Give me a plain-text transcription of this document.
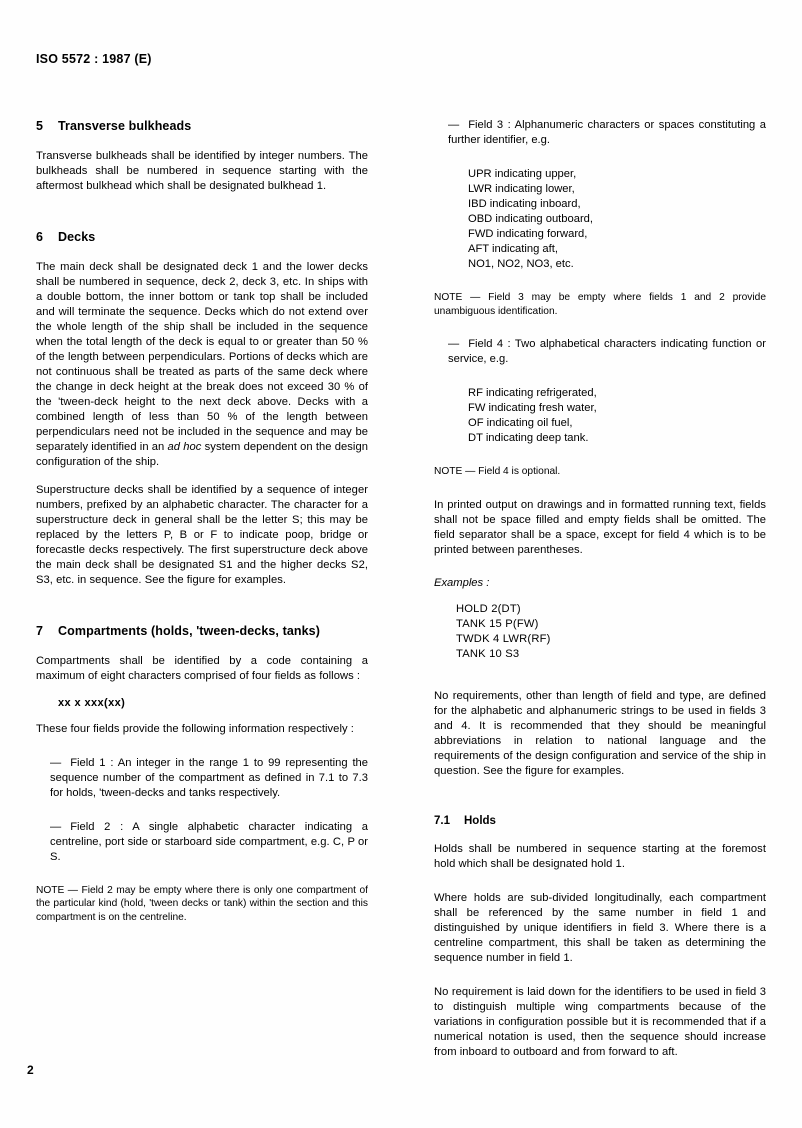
ISO 5572 : 1987 (E)
5 Transverse bulkheads

Transverse bulkheads shall be identified by integer numbers. The bulkheads shall be numbered in sequence starting with the aftermost bulkhead which shall be designated bulkhead 1.

6 Decks

The main deck shall be designated deck 1 and the lower decks shall be numbered in sequence, deck 2, deck 3, etc. In ships with a double bottom, the inner bottom or tank top shall be included and will terminate the sequence. Decks which do not extend over the whole length of the ship shall be included in the sequence when the total length of the deck is equal to or greater than 50 % of the length between perpendiculars. Portions of decks which are not continuous shall be treated as parts of the same deck where the change in deck height at the break does not exceed 30 % of the 'tween-deck height to the next deck above. Decks with a combined length of less than 50 % of the length between perpendiculars need not be included in the sequence and may be separately identified in an ad hoc system dependent on the design configuration of the ship.

Superstructure decks shall be identified by a sequence of integer numbers, prefixed by an alphabetic character. The character for a superstructure deck in general shall be the letter S; this may be replaced by the letters P, B or F to indicate poop, bridge or forecastle decks respectively. The first superstructure deck above the main deck shall be designated S1 and the higher decks S2, S3, etc. in sequence. See the figure for examples.

7 Compartments (holds, 'tween-decks, tanks)

Compartments shall be identified by a code containing a maximum of eight characters comprised of four fields as follows :

xx x xxx(xx)

These four fields provide the following information respectively :

— Field 1 : An integer in the range 1 to 99 representing the sequence number of the compartment as defined in 7.1 to 7.3 for holds, 'tween-decks and tanks respectively.

— Field 2 : A single alphabetic character indicating a centreline, port side or starboard side compartment, e.g. C, P or S.

NOTE — Field 2 may be empty where there is only one compartment of the particular kind (hold, 'tween decks or tank) within the section and this compartment is on the centreline.

— Field 3 : Alphanumeric characters or spaces constituting a further identifier, e.g.

UPR indicating upper,
LWR indicating lower,
IBD indicating inboard,
OBD indicating outboard,
FWD indicating forward,
AFT indicating aft,
NO1, NO2, NO3, etc.

NOTE — Field 3 may be empty where fields 1 and 2 provide unambiguous identification.

— Field 4 : Two alphabetical characters indicating function or service, e.g.

RF indicating refrigerated,
FW indicating fresh water,
OF indicating oil fuel,
DT indicating deep tank.

NOTE — Field 4 is optional.

In printed output on drawings and in formatted running text, fields shall not be space filled and empty fields shall be omitted. The field separator shall be a space, except for field 4 which is to be printed between parentheses.

Examples :

HOLD 2(DT)
TANK 15 P(FW)
TWDK 4 LWR(RF)
TANK 10 S3

No requirements, other than length of field and type, are defined for the alphabetic and alphanumeric strings to be used in fields 3 and 4. It is recommended that they should be meaningful abbreviations in relation to national language and the requirements of the design configuration and service of the ship in question. See the figure for examples.

7.1 Holds

Holds shall be numbered in sequence starting at the foremost hold which shall be designated hold 1.

Where holds are sub-divided longitudinally, each compartment shall be referenced by the same number in field 1 and distinguished by unique identifiers in field 3. Where there is a centreline compartment, this shall be taken as determining the sequence number in field 1.

No requirement is laid down for the identifiers to be used in field 3 to distinguish multiple wing compartments because of the variations in configuration possible but it is recommended that if a numerical notation is used, then the sequence should increase from inboard to outboard and from forward to aft.

2
